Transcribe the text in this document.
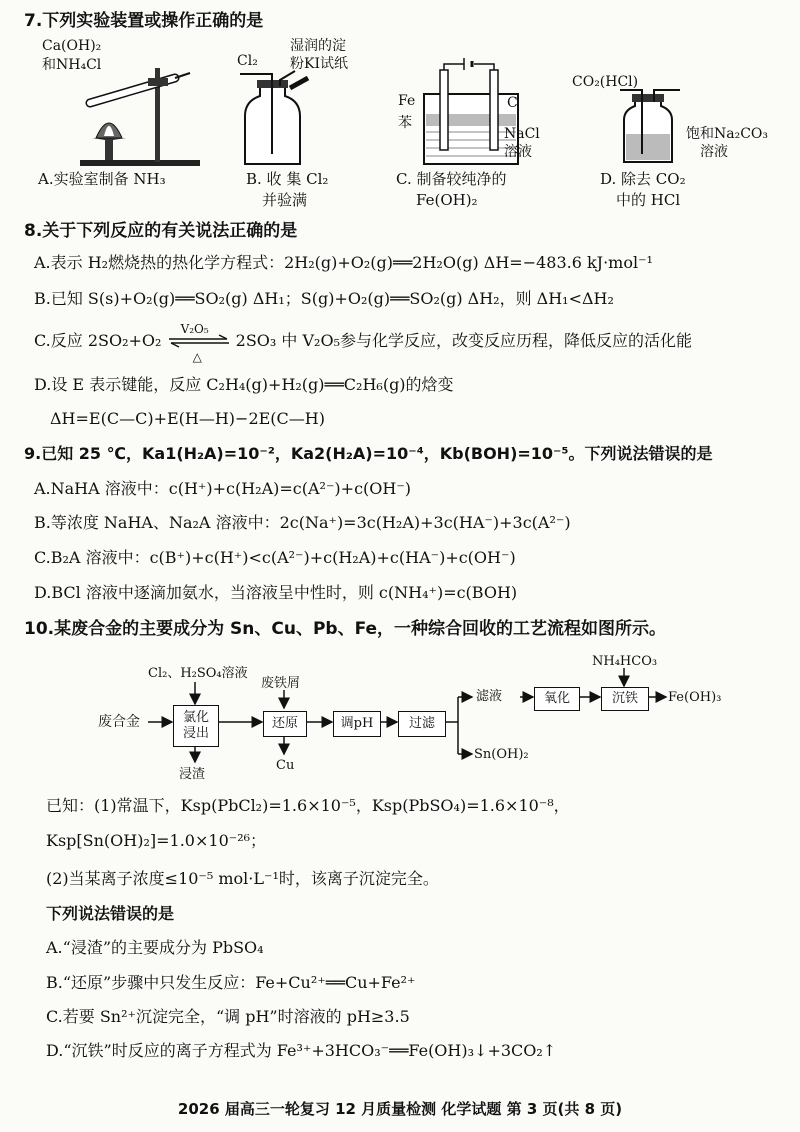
7.下列实验装置或操作正确的是
Ca(OH)₂
和NH₄Cl
A.实验室制备 NH₃
Cl₂
湿润的淀
粉KI试纸
B. 收 集 Cl₂
并验满
Fe	C
苯
NaCl
溶液
C. 制备较纯净的
Fe(OH)₂
CO₂(HCl)
饱和Na₂CO₃
溶液
D. 除去 CO₂
中的 HCl
8.关于下列反应的有关说法正确的是
A.表示 H₂燃烧热的热化学方程式：2H₂(g)+O₂(g)══2H₂O(g) ΔH=−483.6 kJ·mol⁻¹
B.已知 S(s)+O₂(g)══SO₂(g) ΔH₁；S(g)+O₂(g)══SO₂(g) ΔH₂，则 ΔH₁<ΔH₂
C.反应 2SO₂+O₂
V₂O₅
△
2SO₃ 中 V₂O₅参与化学反应，改变反应历程，降低反应的活化能
D.设 E 表示键能，反应 C₂H₄(g)+H₂(g)══C₂H₆(g)的焓变
ΔH=E(C—C)+E(H—H)−2E(C—H)
9.已知 25 ℃，Ka1(H₂A)=10⁻²，Ka2(H₂A)=10⁻⁴，Kb(BOH)=10⁻⁵。下列说法错误的是
A.NaHA 溶液中：c(H⁺)+c(H₂A)=c(A²⁻)+c(OH⁻)
B.等浓度 NaHA、Na₂A 溶液中：2c(Na⁺)=3c(H₂A)+3c(HA⁻)+3c(A²⁻)
C.B₂A 溶液中：c(B⁺)+c(H⁺)<c(A²⁻)+c(H₂A)+c(HA⁻)+c(OH⁻)
D.BCl 溶液中逐滴加氨水，当溶液呈中性时，则 c(NH₄⁺)=c(BOH)
10.某废合金的主要成分为 Sn、Cu、Pb、Fe，一种综合回收的工艺流程如图所示。
Cl₂、H₂SO₄溶液
废合金	氯化
浸出
浸渣
废铁屑
还原
Cu
调pH	过滤
滤液	氧化
NH₄HCO₃
沉铁	Fe(OH)₃
Sn(OH)₂
已知：(1)常温下，Ksp(PbCl₂)=1.6×10⁻⁵，Ksp(PbSO₄)=1.6×10⁻⁸，
Ksp[Sn(OH)₂]=1.0×10⁻²⁶；
(2)当某离子浓度≤10⁻⁵ mol·L⁻¹时，该离子沉淀完全。
下列说法错误的是
A.“浸渣”的主要成分为 PbSO₄
B.“还原”步骤中只发生反应：Fe+Cu²⁺══Cu+Fe²⁺
C.若要 Sn²⁺沉淀完全，“调 pH”时溶液的 pH≥3.5
D.“沉铁”时反应的离子方程式为 Fe³⁺+3HCO₃⁻══Fe(OH)₃↓+3CO₂↑
2026 届高三一轮复习 12 月质量检测 化学试题 第 3 页(共 8 页)
